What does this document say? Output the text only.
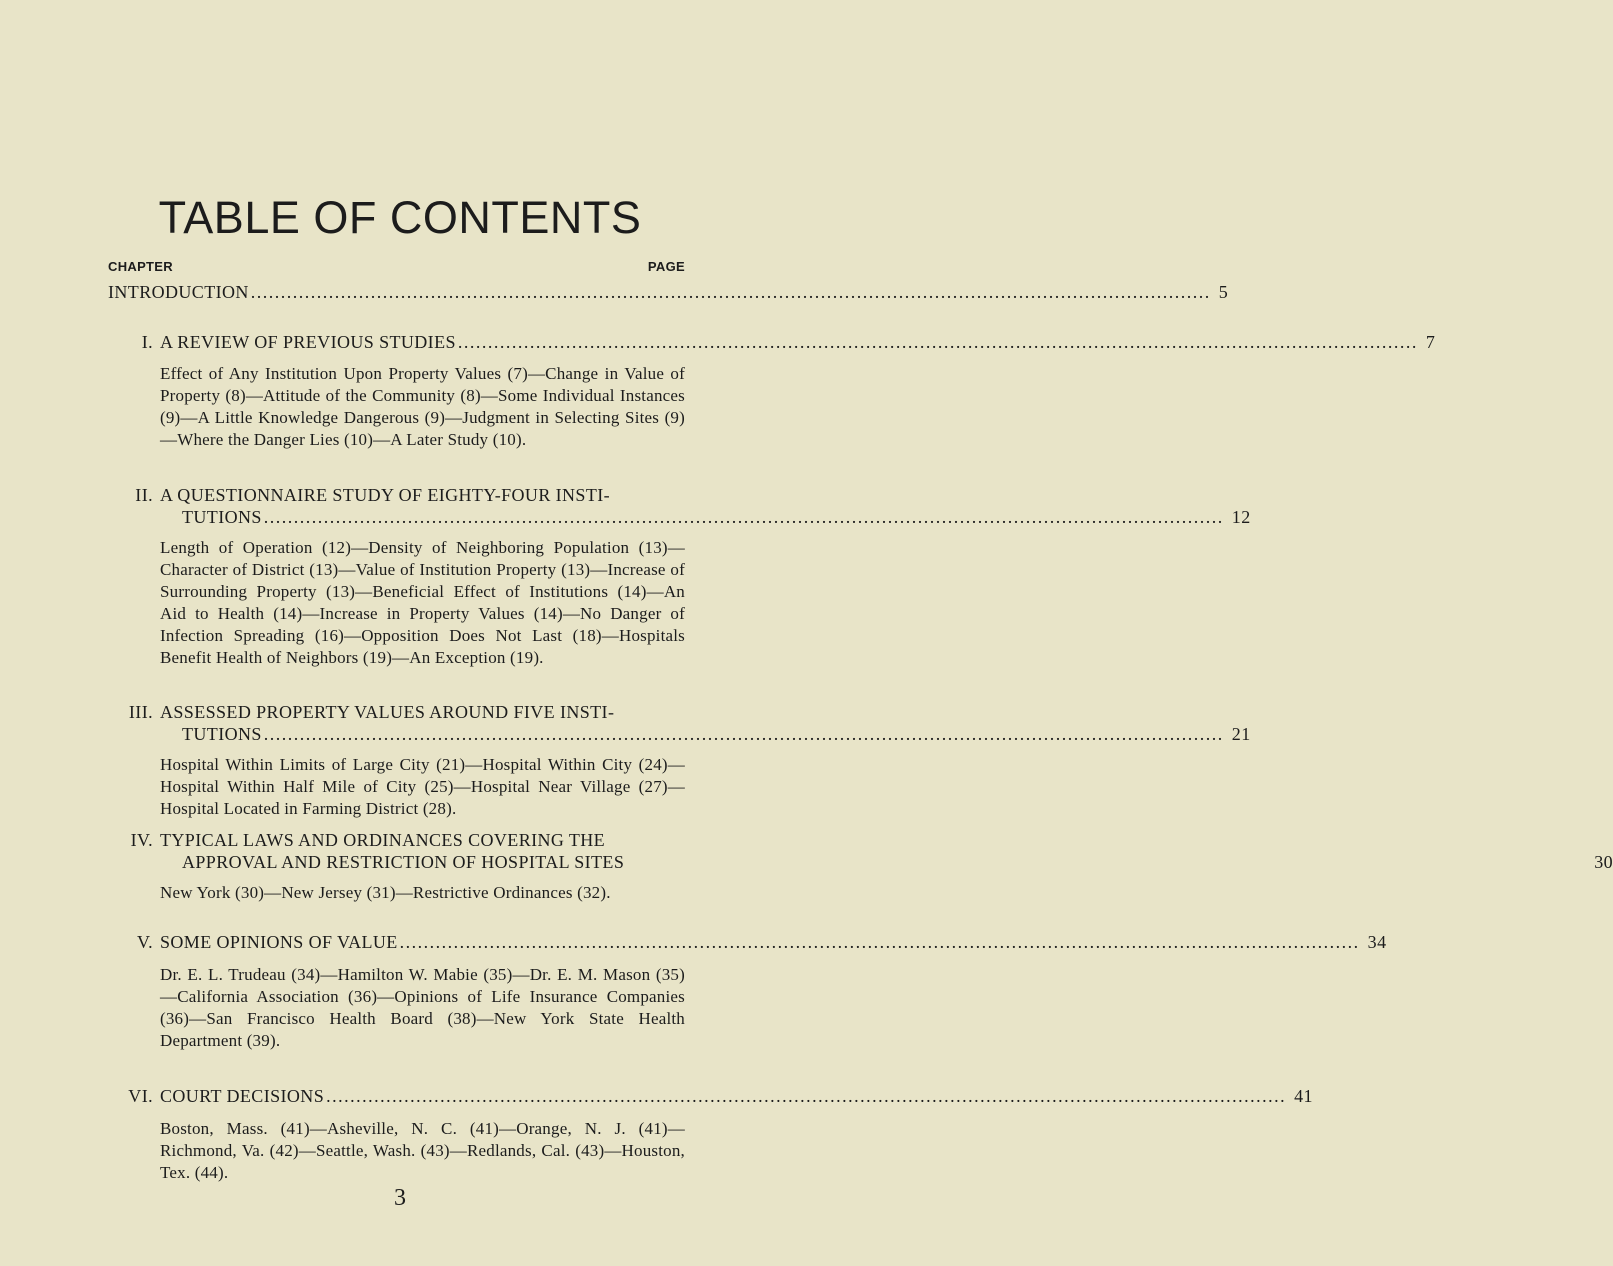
TABLE OF CONTENTS
CHAPTER	PAGE
INTRODUCTION ................................................................................................................................................................ 5
I. A REVIEW OF PREVIOUS STUDIES ................................................................................................................................................................ 7

Effect of Any Institution Upon Property Values (7)—Change in Value of Property (8)—Attitude of the Community (8)—Some Individual Instances (9)—A Little Knowledge Dangerous (9)—Judgment in Selecting Sites (9)—Where the Danger Lies (10)—A Later Study (10).

II. A QUESTIONNAIRE STUDY OF EIGHTY-FOUR INSTI-
TUTIONS ................................................................................................................................................................ 12

Length of Operation (12)—Density of Neighboring Population (13)—Character of District (13)—Value of Institution Property (13)—Increase of Surrounding Property (13)—Beneficial Effect of Institutions (14)—An Aid to Health (14)—Increase in Property Values (14)—No Danger of Infection Spreading (16)—Opposition Does Not Last (18)—Hospitals Benefit Health of Neighbors (19)—An Exception (19).

III. ASSESSED PROPERTY VALUES AROUND FIVE INSTI-
TUTIONS ................................................................................................................................................................ 21

Hospital Within Limits of Large City (21)—Hospital Within City (24)—Hospital Within Half Mile of City (25)—Hospital Near Village (27)—Hospital Located in Farming District (28).

IV. TYPICAL LAWS AND ORDINANCES COVERING THE
APPROVAL AND RESTRICTION OF HOSPITAL SITES	30

New York (30)—New Jersey (31)—Restrictive Ordinances (32).

V. SOME OPINIONS OF VALUE ................................................................................................................................................................ 34

Dr. E. L. Trudeau (34)—Hamilton W. Mabie (35)—Dr. E. M. Mason (35)—California Association (36)—Opinions of Life Insurance Companies (36)—San Francisco Health Board (38)—New York State Health Department (39).

VI. COURT DECISIONS ................................................................................................................................................................ 41

Boston, Mass. (41)—Asheville, N. C. (41)—Orange, N. J. (41)—Richmond, Va. (42)—Seattle, Wash. (43)—Redlands, Cal. (43)—Houston, Tex. (44).

3
